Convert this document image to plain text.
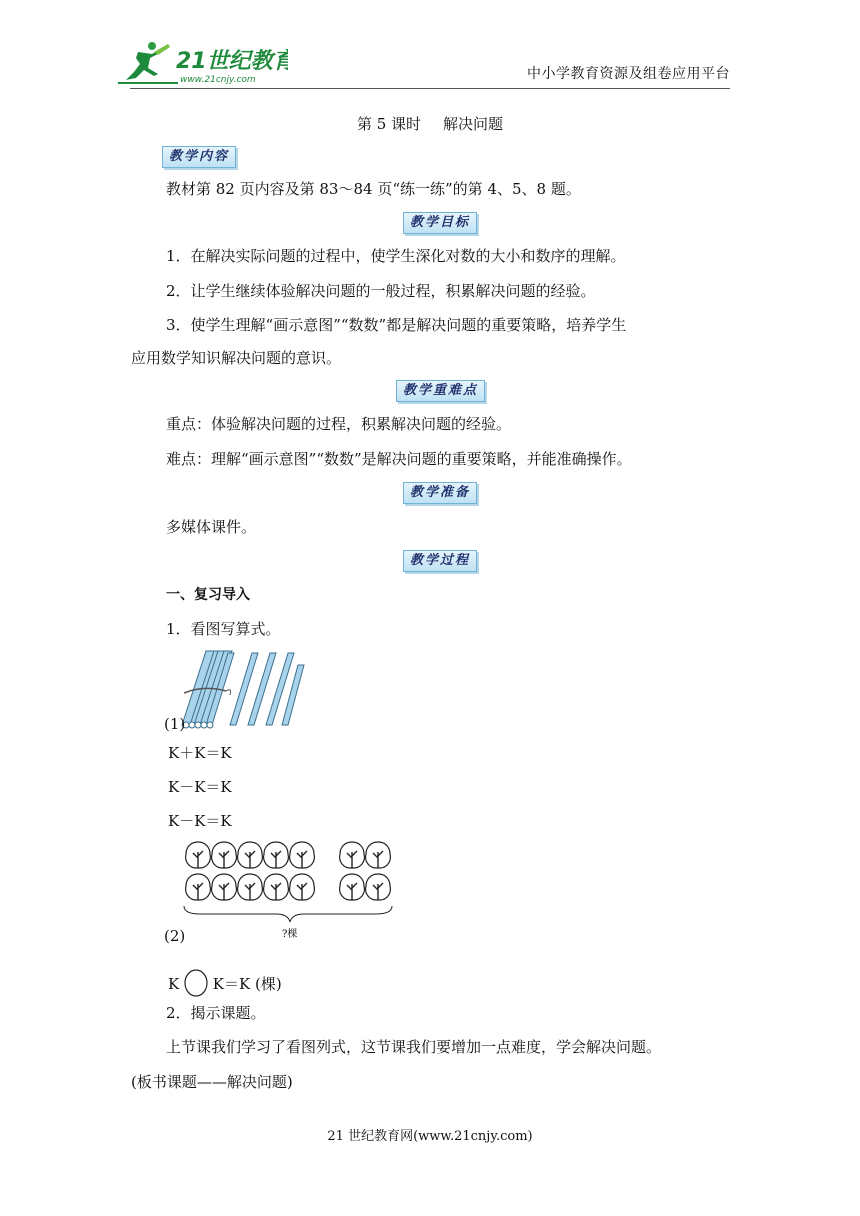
21世纪教育
www.21cnjy.com	中小学教育资源及组卷应用平台
第 5 课时 解决问题
教学内容
教材第 82 页内容及第 83～84 页“练一练”的第 4、5、8 题。
教学目标
1．在解决实际问题的过程中，使学生深化对数的大小和数序的理解。
2．让学生继续体验解决问题的一般过程，积累解决问题的经验。
3．使学生理解“画示意图”“数数”都是解决问题的重要策略，培养学生
应用数学知识解决问题的意识。
教学重难点
重点：体验解决问题的过程，积累解决问题的经验。
难点：理解“画示意图”“数数”是解决问题的重要策略，并能准确操作。
教学准备
多媒体课件。
教学过程
一、复习导入
1．看图写算式。
(1)
K＋K＝K
K－K＝K
K－K＝K
?棵
(2)
K K＝K (棵)
2．揭示课题。
上节课我们学习了看图列式，这节课我们要增加一点难度，学会解决问题。
(板书课题——解决问题)
21 世纪教育网(www.21cnjy.com)
